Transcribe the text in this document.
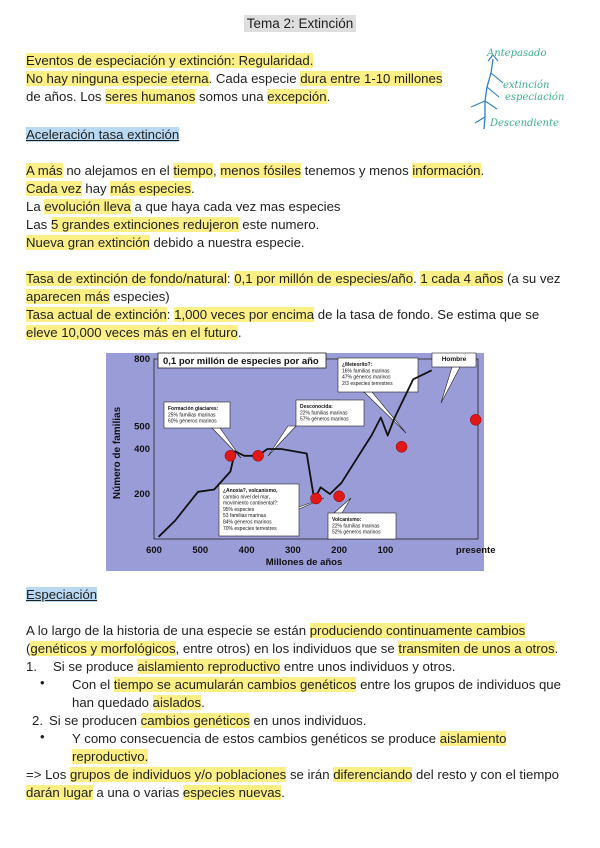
Tema 2: Extinción
Eventos de especiación y extinción: Regularidad.
No hay ninguna especie eterna. Cada especie dura entre 1-10 millones
de años. Los seres humanos somos una excepción.
Antepasado
extinción
especiación
Descendiente
Aceleración tasa extinción
A más no alejamos en el tiempo, menos fósiles tenemos y menos información.
Cada vez hay más especies.
La evolución lleva a que haya cada vez mas especies
Las 5 grandes extinciones redujeron este numero.
Nueva gran extinción debido a nuestra especie.
Tasa de extinción de fondo/natural: 0,1 por millón de especies/año. 1 cada 4 años (a su vez
aparecen más especies)
Tasa actual de extinción: 1,000 veces por encima de la tasa de fondo. Se estima que se
eleve 10,000 veces más en el futuro.
Hombre
¿Meteorito?:
16% familias marinas
47% géneros marinos
2/3 especies terrestres
Formación glaciares:
25% familias marinas
60% géneros marinos
Desconocida:
22% familias marinas
57% géneros marinos
¿Anoxia?, volcanismo,
cambio nivel del mar,
movimiento continental?:
95% especies
53 familias marinas
84% géneros marinos
70% especies terrestres
Volcanismo:
22% familias marinas
52% géneros marinos
600	500	400	300	200	100	presente
800
500
400
200
0,1 por millón de especies por año
Millones de años
Número de familias
Especiación
A lo largo de la historia de una especie se están produciendo continuamente cambios
(genéticos y morfológicos, entre otros) en los individuos que se transmiten de unos a otros.
1. Si se produce aislamiento reproductivo entre unos individuos y otros.
• Con el tiempo se acumularán cambios genéticos entre los grupos de individuos que
han quedado aislados.
2. Si se producen cambios genéticos en unos individuos.
• Y como consecuencia de estos cambios genéticos se produce aislamiento
reproductivo.
=> Los grupos de individuos y/o poblaciones se irán diferenciando del resto y con el tiempo
darán lugar a una o varias especies nuevas.
